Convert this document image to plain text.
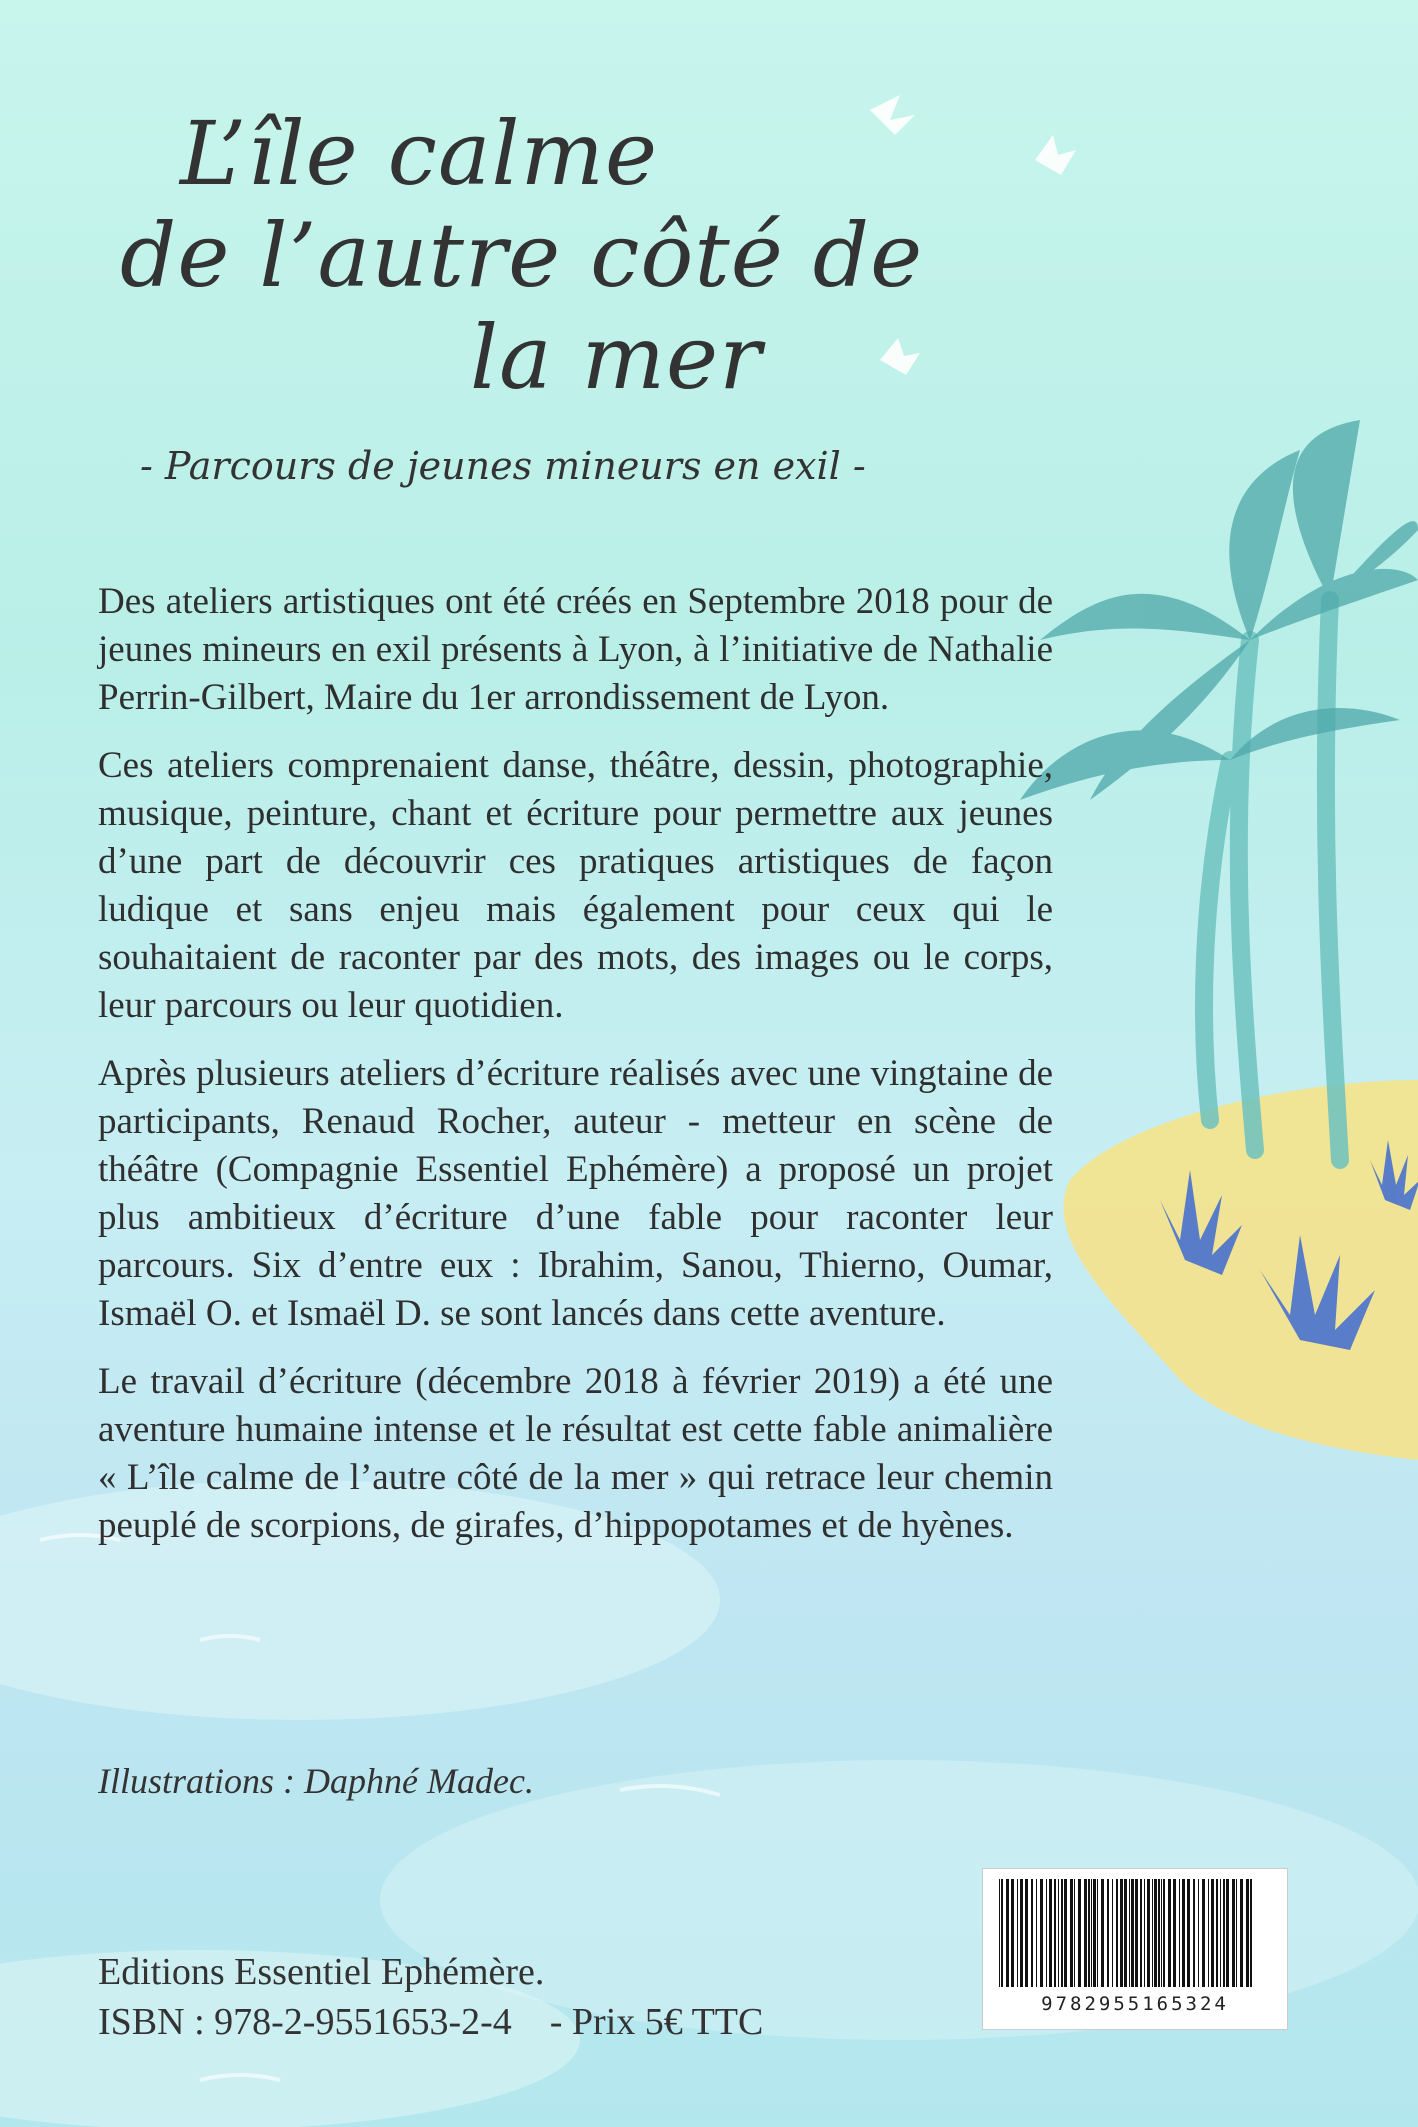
L’île calme
de l’autre côté de
la mer
- Parcours de jeunes mineurs en exil -

Des ateliers artistiques ont été créés en Septembre 2018 pour de jeunes mineurs en exil présents à Lyon, à l’initiative de Nathalie Perrin-Gilbert, Maire du 1er arrondissement de Lyon.

Ces ateliers comprenaient danse, théâtre, dessin, photographie, musique, peinture, chant et écriture pour permettre aux jeunes d’une part de découvrir ces pratiques artistiques de façon ludique et sans enjeu mais également pour ceux qui le souhaitaient de raconter par des mots, des images ou le corps, leur parcours ou leur quotidien.

Après plusieurs ateliers d’écriture réalisés avec une vingtaine de participants, Renaud Rocher, auteur - metteur en scène de théâtre (Compagnie Essentiel Ephémère) a proposé un projet plus ambitieux d’écriture d’une fable pour raconter leur parcours. Six d’entre eux : Ibrahim, Sanou, Thierno, Oumar, Ismaël O. et Ismaël D. se sont lancés dans cette aventure.

Le travail d’écriture (décembre 2018 à février 2019) a été une aventure humaine intense et le résultat est cette fable animalière « L’île calme de l’autre côté de la mer » qui retrace leur chemin peuplé de scorpions, de girafes, d’hippopotames et de hyènes.

Illustrations : Daphné Madec.
Editions Essentiel Ephémère.
ISBN : 978-2-9551653-2-4    - Prix 5€ TTC	9782955165324
